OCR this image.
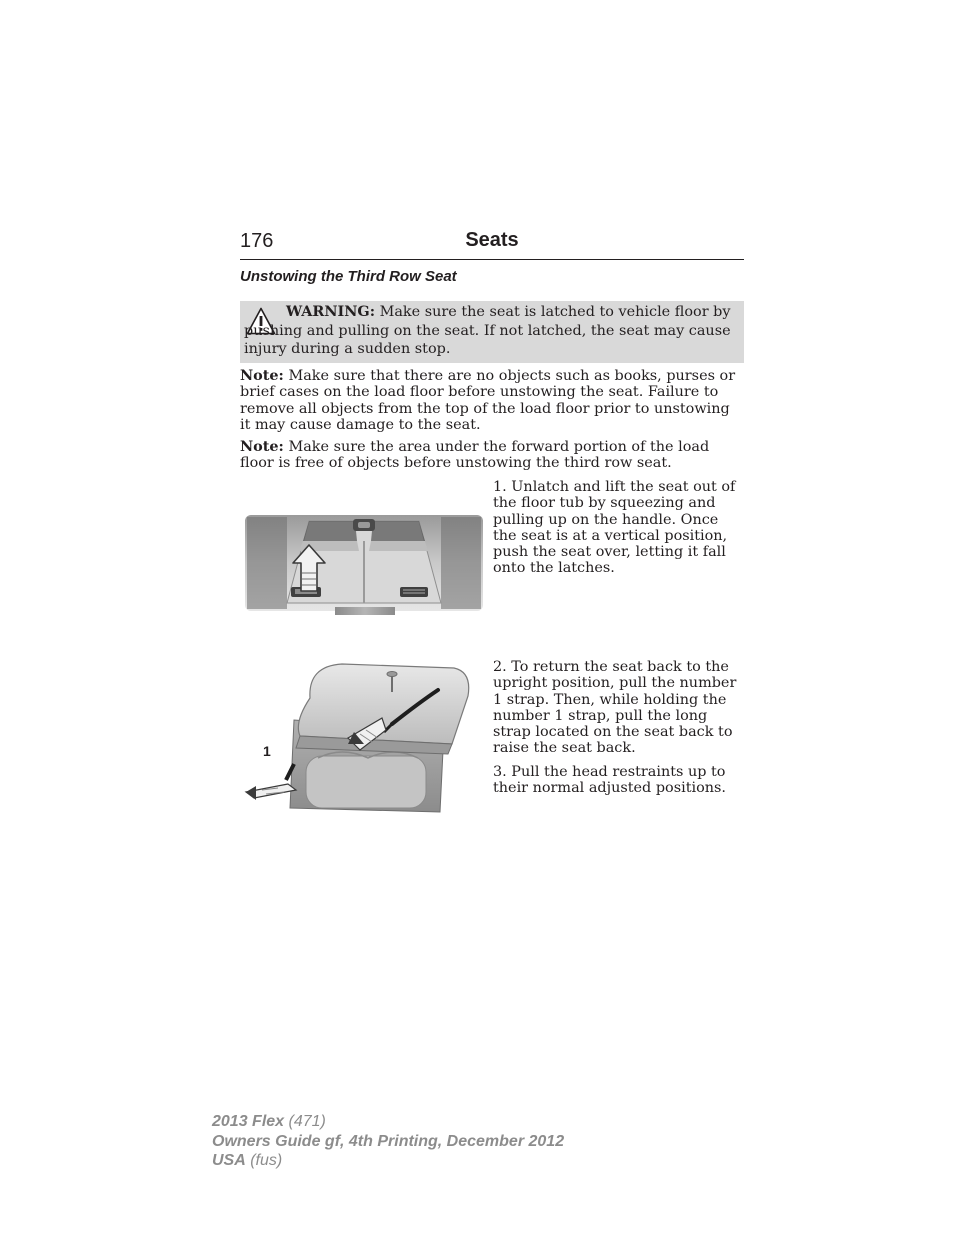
176	Seats
Unstowing the Third Row Seat
WARNING: Make sure the seat is latched to vehicle floor by pushing and pulling on the seat. If not latched, the seat may cause injury during a sudden stop.
Note: Make sure that there are no objects such as books, purses or brief cases on the load floor before unstowing the seat. Failure to remove all objects from the top of the load floor prior to unstowing it may cause damage to the seat.
Note: Make sure the area under the forward portion of the load floor is free of objects before unstowing the third row seat.
1. Unlatch and lift the seat out of the floor tub by squeezing and pulling up on the handle. Once the seat is at a vertical position, push the seat over, letting it fall onto the latches.
1
2. To return the seat back to the upright position, pull the number 1 strap. Then, while holding the number 1 strap, pull the long strap located on the seat back to raise the seat back.
3. Pull the head restraints up to their normal adjusted positions.
2013 Flex (471)
Owners Guide gf, 4th Printing, December 2012
USA (fus)
